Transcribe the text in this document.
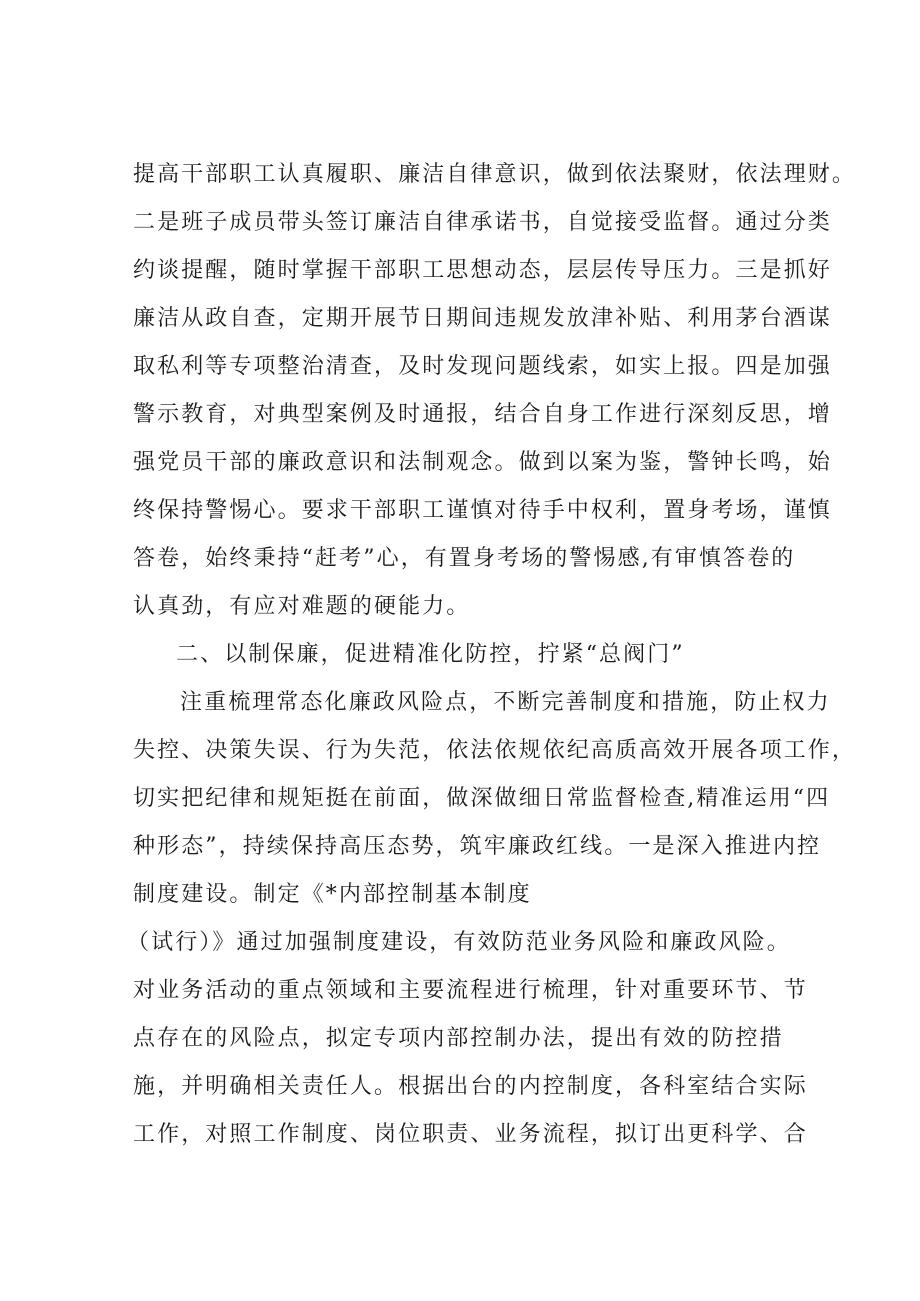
提高干部职工认真履职、廉洁自律意识，做到依法聚财，依法理财。
二是班子成员带头签订廉洁自律承诺书，自觉接受监督。通过分类
约谈提醒，随时掌握干部职工思想动态，层层传导压力。三是抓好
廉洁从政自查，定期开展节日期间违规发放津补贴、利用茅台酒谋
取私利等专项整治清查，及时发现问题线索，如实上报。四是加强
警示教育，对典型案例及时通报，结合自身工作进行深刻反思，增
强党员干部的廉政意识和法制观念。做到以案为鉴，警钟长鸣，始
终保持警惕心。要求干部职工谨慎对待手中权利，置身考场，谨慎
答卷，始终秉持“赶考”心，有置身考场的警惕感,有审慎答卷的
认真劲，有应对难题的硬能力。
二、以制保廉，促进精准化防控，拧紧“总阀门”
注重梳理常态化廉政风险点，不断完善制度和措施，防止权力
失控、决策失误、行为失范，依法依规依纪高质高效开展各项工作，
切实把纪律和规矩挺在前面，做深做细日常监督检查,精准运用“四
种形态”，持续保持高压态势，筑牢廉政红线。一是深入推进内控
制度建设。制定《*内部控制基本制度
（试行）》通过加强制度建设，有效防范业务风险和廉政风险。
对业务活动的重点领域和主要流程进行梳理，针对重要环节、节
点存在的风险点，拟定专项内部控制办法，提出有效的防控措
施，并明确相关责任人。根据出台的内控制度，各科室结合实际
工作，对照工作制度、岗位职责、业务流程，拟订出更科学、合
